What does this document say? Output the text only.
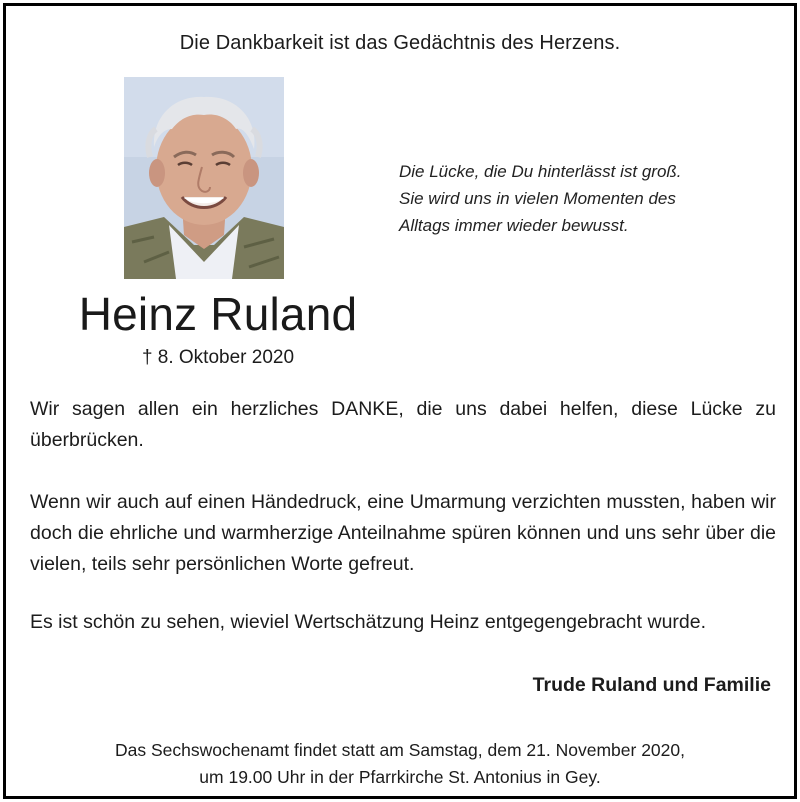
Die Dankbarkeit ist das Gedächtnis des Herzens.
Die Lücke, die Du hinterlässt ist groß.
Sie wird uns in vielen Momenten des
Alltags immer wieder bewusst.
Heinz Ruland
† 8. Oktober 2020
Wir sagen allen ein herzliches DANKE, die uns dabei helfen, diese Lücke zu überbrücken.
Wenn wir auch auf einen Händedruck, eine Umarmung verzichten mussten, haben wir doch die ehrliche und warmherzige Anteilnahme spüren können und uns sehr über die vielen, teils sehr persönlichen Worte gefreut.
Es ist schön zu sehen, wieviel Wertschätzung Heinz entgegengebracht wurde.
Trude Ruland und Familie
Das Sechswochenamt findet statt am Samstag, dem 21. November 2020,
um 19.00 Uhr in der Pfarrkirche St. Antonius in Gey.
